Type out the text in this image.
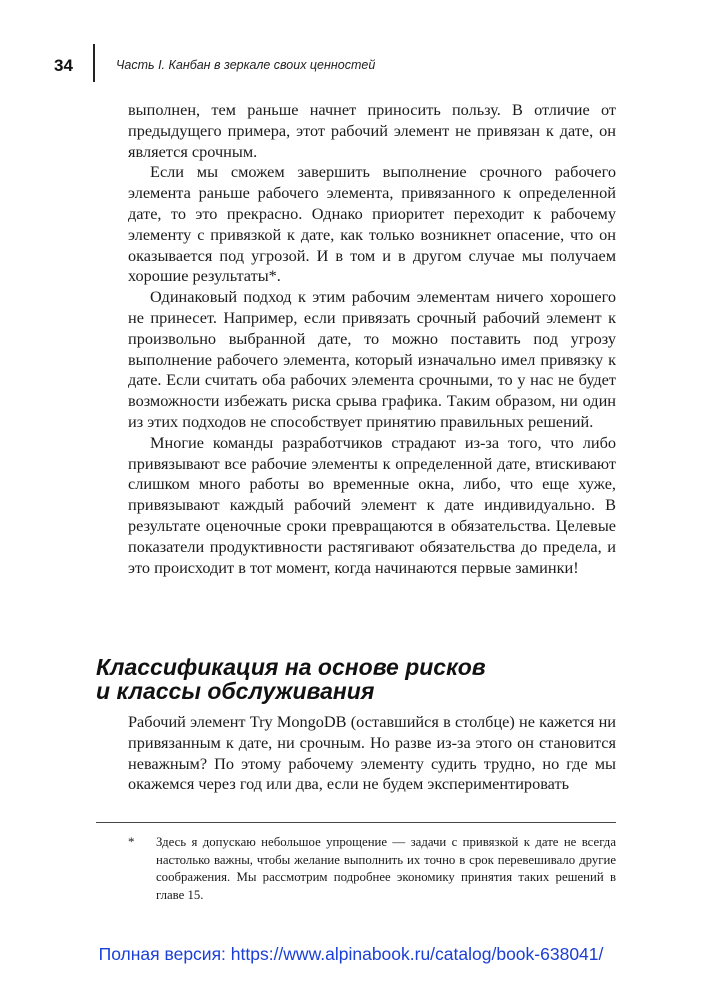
34	Часть I. Канбан в зеркале своих ценностей

выполнен, тем раньше начнет приносить пользу. В отличие от предыдущего примера, этот рабочий элемент не привязан к дате, он является срочным.

Если мы сможем завершить выполнение срочного рабочего элемента раньше рабочего элемента, привязанного к определенной дате, то это прекрасно. Однако приоритет переходит к рабочему элементу с привязкой к дате, как только возникнет опасение, что он оказывается под угрозой. И в том и в другом случае мы получаем хорошие результаты*.

Одинаковый подход к этим рабочим элементам ничего хорошего не принесет. Например, если привязать срочный рабочий элемент к произвольно выбранной дате, то можно поставить под угрозу выполнение рабочего элемента, который изначально имел привязку к дате. Если считать оба рабочих элемента срочными, то у нас не будет возможности избежать риска срыва графика. Таким образом, ни один из этих подходов не способствует принятию правильных решений.

Многие команды разработчиков страдают из-за того, что либо привязывают все рабочие элементы к определенной дате, втискивают слишком много работы во временные окна, либо, что еще хуже, привязывают каждый рабочий элемент к дате индивидуально. В результате оценочные сроки превращаются в обязательства. Целевые показатели продуктивности растягивают обязательства до предела, и это происходит в тот момент, когда начинаются первые заминки!

Классификация на основе рисков
и классы обслуживания

Рабочий элемент Try MongoDB (оставшийся в столбце) не кажется ни привязанным к дате, ни срочным. Но разве из-за этого он становится неважным? По этому рабочему элементу судить трудно, но где мы окажемся через год или два, если не будем экспериментировать

* Здесь я допускаю небольшое упрощение — задачи с привязкой к дате не всегда настолько важны, чтобы желание выполнить их точно в срок перевешивало другие соображения. Мы рассмотрим подробнее экономику принятия таких решений в главе 15.

Полная версия: https://www.alpinabook.ru/catalog/book-638041/
